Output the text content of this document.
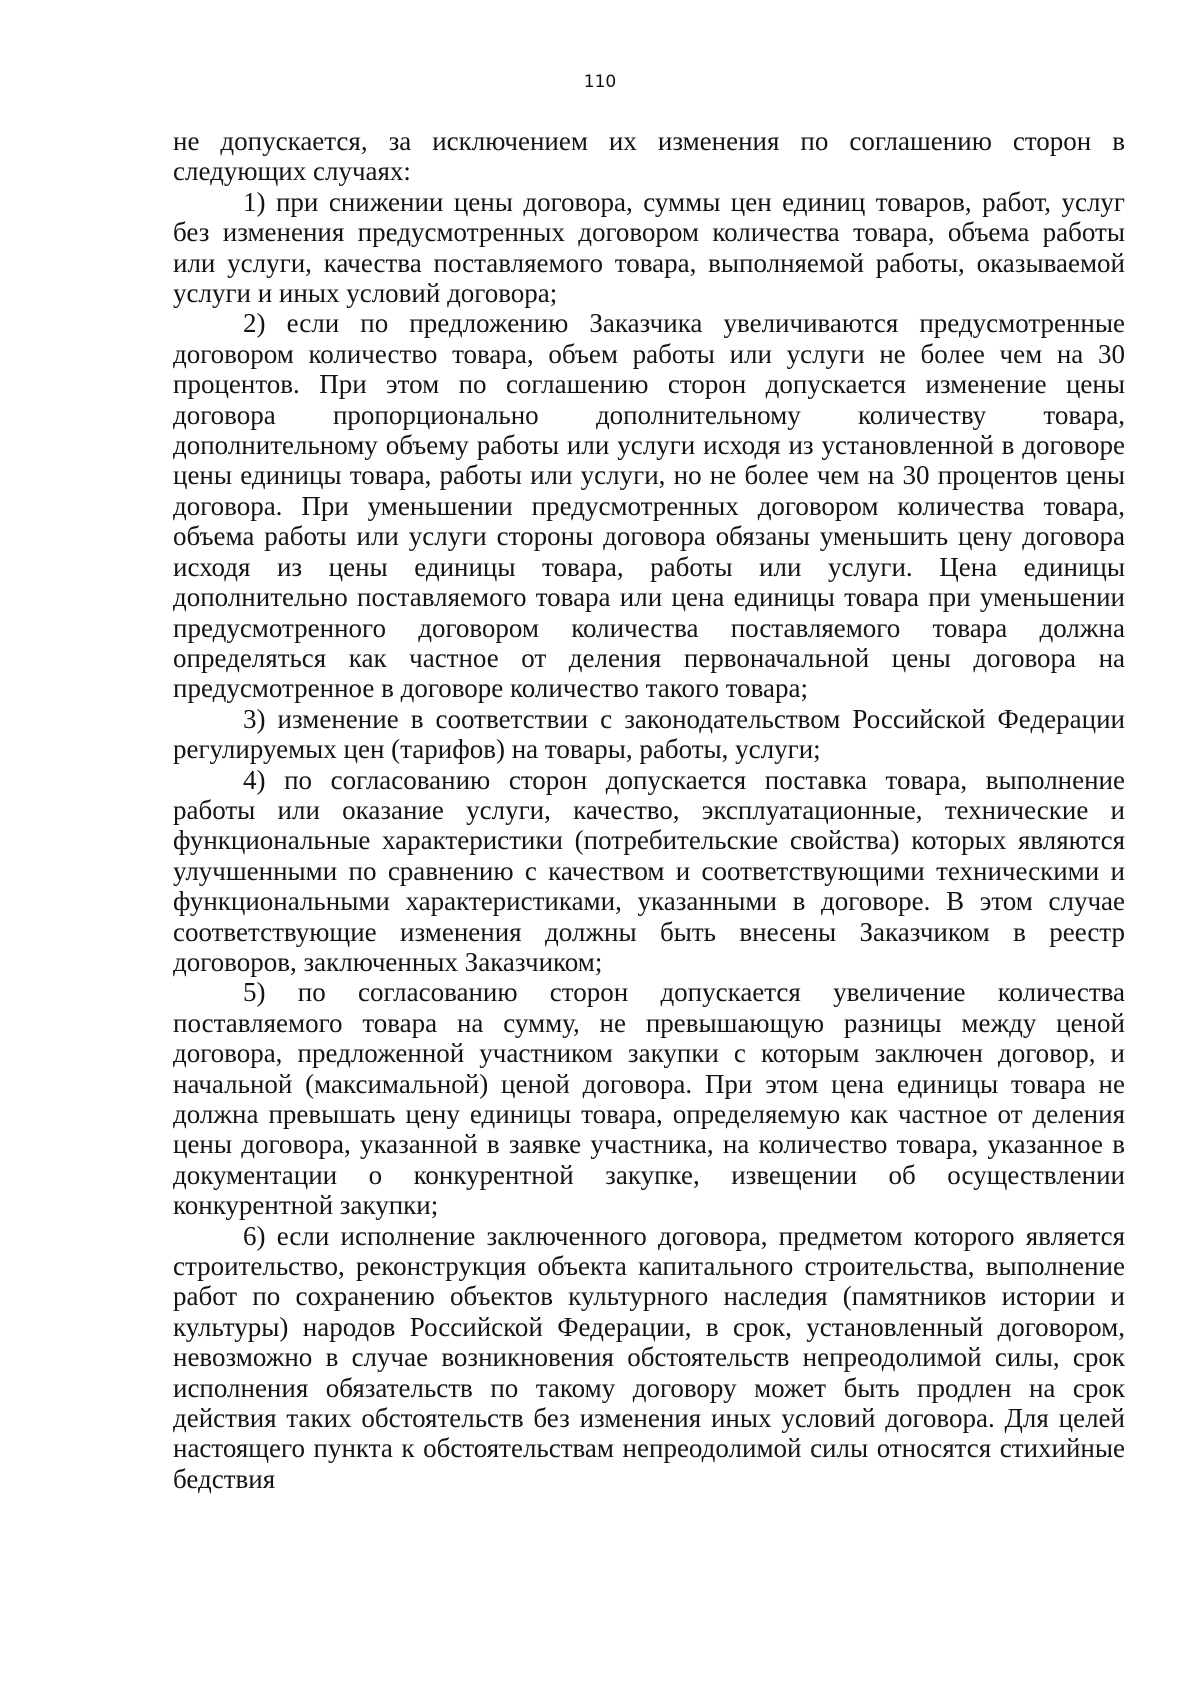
110

не допускается, за исключением их изменения по соглашению сторон в следующих случаях:

1) при снижении цены договора, суммы цен единиц товаров, работ, услуг без изменения предусмотренных договором количества товара, объема работы или услуги, качества поставляемого товара, выполняемой работы, оказываемой услуги и иных условий договора;

2) если по предложению Заказчика увеличиваются предусмотренные договором количество товара, объем работы или услуги не более чем на 30 процентов. При этом по соглашению сторон допускается изменение цены договора пропорционально дополнительному количеству товара, дополнительному объему работы или услуги исходя из установленной в договоре цены единицы товара, работы или услуги, но не более чем на 30 процентов цены договора. При уменьшении предусмотренных договором количества товара, объема работы или услуги стороны договора обязаны уменьшить цену договора исходя из цены единицы товара, работы или услуги. Цена единицы дополнительно поставляемого товара или цена единицы товара при уменьшении предусмотренного договором количества поставляемого товара должна определяться как частное от деления первоначальной цены договора на предусмотренное в договоре количество такого товара;

3) изменение в соответствии с законодательством Российской Федерации регулируемых цен (тарифов) на товары, работы, услуги;

4) по согласованию сторон допускается поставка товара, выполнение работы или оказание услуги, качество, эксплуатационные, технические и функциональные характеристики (потребительские свойства) которых являются улучшенными по сравнению с качеством и соответствующими техническими и функциональными характеристиками, указанными в договоре. В этом случае соответствующие изменения должны быть внесены Заказчиком в реестр договоров, заключенных Заказчиком;

5) по согласованию сторон допускается увеличение количества поставляемого товара на сумму, не превышающую разницы между ценой договора, предложенной участником закупки с которым заключен договор, и начальной (максимальной) ценой договора. При этом цена единицы товара не должна превышать цену единицы товара, определяемую как частное от деления цены договора, указанной в заявке участника, на количество товара, указанное в документации о конкурентной закупке, извещении об осуществлении конкурентной закупки;

6) если исполнение заключенного договора, предметом которого является строительство, реконструкция объекта капитального строительства, выполнение работ по сохранению объектов культурного наследия (памятников истории и культуры) народов Российской Федерации, в срок, установленный договором, невозможно в случае возникновения обстоятельств непреодолимой силы, срок исполнения обязательств по такому договору может быть продлен на срок действия таких обстоятельств без изменения иных условий договора. Для целей настоящего пункта к обстоятельствам непреодолимой силы относятся стихийные бедствия
